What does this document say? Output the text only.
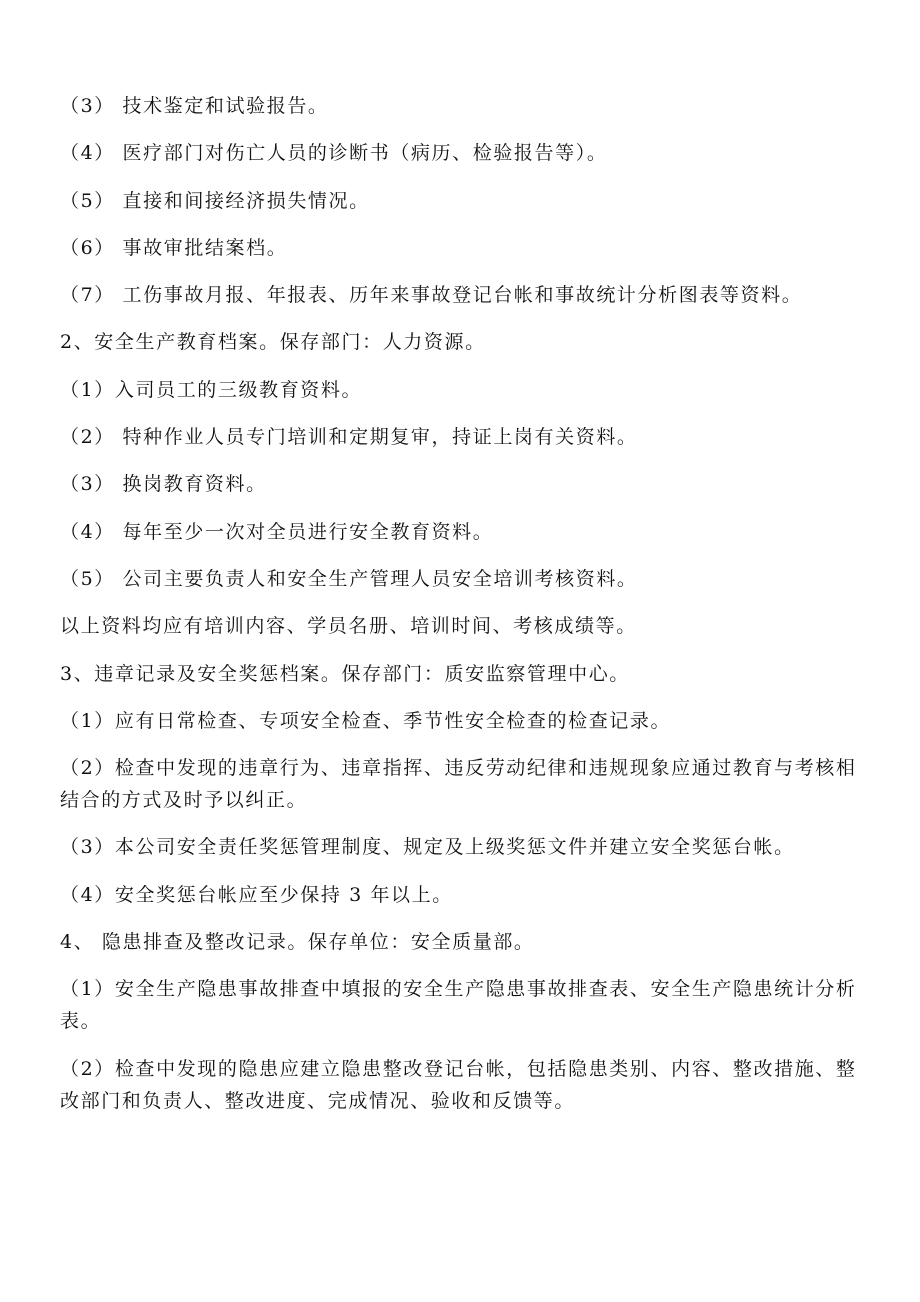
（3） 技术鉴定和试验报告。
（4） 医疗部门对伤亡人员的诊断书（病历、检验报告等）。
（5） 直接和间接经济损失情况。
（6） 事故审批结案档。
（7） 工伤事故月报、年报表、历年来事故登记台帐和事故统计分析图表等资料。
2、安全生产教育档案。保存部门：人力资源。
（1）入司员工的三级教育资料。
（2） 特种作业人员专门培训和定期复审，持证上岗有关资料。
（3） 换岗教育资料。
（4） 每年至少一次对全员进行安全教育资料。
（5） 公司主要负责人和安全生产管理人员安全培训考核资料。
以上资料均应有培训内容、学员名册、培训时间、考核成绩等。
3、违章记录及安全奖惩档案。保存部门：质安监察管理中心。
（1）应有日常检查、专项安全检查、季节性安全检查的检查记录。
（2）检查中发现的违章行为、违章指挥、违反劳动纪律和违规现象应通过教育与考核相结合的方式及时予以纠正。
（3）本公司安全责任奖惩管理制度、规定及上级奖惩文件并建立安全奖惩台帐。
（4）安全奖惩台帐应至少保持 3 年以上。
4、 隐患排查及整改记录。保存单位：安全质量部。
（1）安全生产隐患事故排查中填报的安全生产隐患事故排查表、安全生产隐患统计分析表。
（2）检查中发现的隐患应建立隐患整改登记台帐，包括隐患类别、内容、整改措施、整改部门和负责人、整改进度、完成情况、验收和反馈等。
